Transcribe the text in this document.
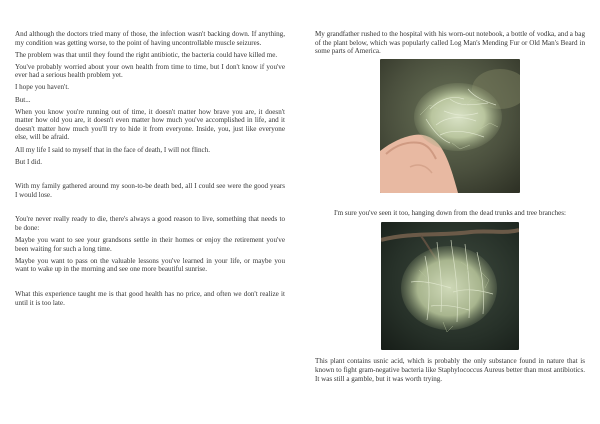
And although the doctors tried many of those, the infection wasn't backing down. If anything, my condition was getting worse, to the point of having uncontrollable muscle seizures.

The problem was that until they found the right antibiotic, the bacteria could have killed me.

You've probably worried about your own health from time to time, but I don't know if you've ever had a serious health problem yet.

I hope you haven't.

But...

When you know you're running out of time, it doesn't matter how brave you are, it doesn't matter how old you are, it doesn't even matter how much you've accomplished in life, and it doesn't matter how much you'll try to hide it from everyone. Inside, you, just like everyone else, will be afraid.

All my life I said to myself that in the face of death, I will not flinch.

But I did.

With my family gathered around my soon-to-be death bed, all I could see were the good years I would lose.

You're never really ready to die, there's always a good reason to live, something that needs to be done:

Maybe you want to see your grandsons settle in their homes or enjoy the retirement you've been waiting for such a long time.

Maybe you want to pass on the valuable lessons you've learned in your life, or maybe you want to wake up in the morning and see one more beautiful sunrise.

What this experience taught me is that good health has no price, and often we don't realize it until it is too late.

My grandfather rushed to the hospital with his worn-out notebook, a bottle of vodka, and a bag of the plant below, which was popularly called Log Man's Mending Fur or Old Man's Beard in some parts of America.

I'm sure you've seen it too, hanging down from the dead trunks and tree branches:

This plant contains usnic acid, which is probably the only substance found in nature that is known to fight gram-negative bacteria like Staphylococcus Aureus better than most antibiotics. It was still a gamble, but it was worth trying.
